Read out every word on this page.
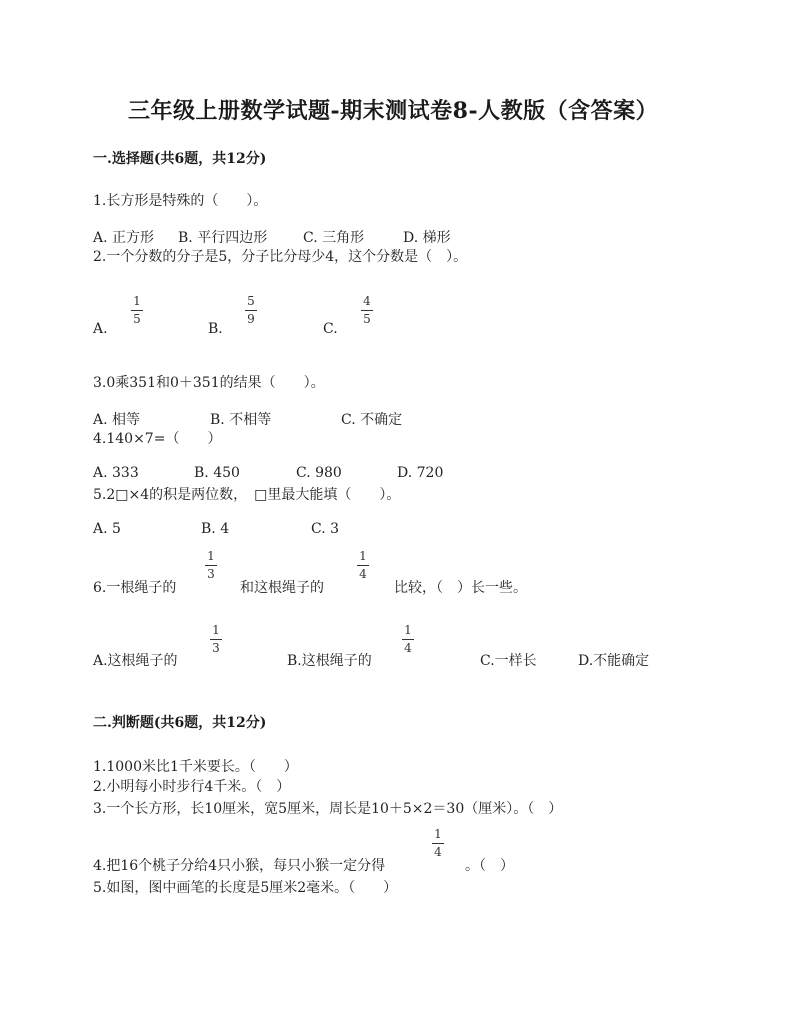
三年级上册数学试题-期末测试卷8-人教版（含答案）
一.选择题(共6题，共12分)
1.长方形是特殊的（　　）。
A. 正方形 B. 平行四边形	C. 三角形	D. 梯形
2.一个分数的分子是5，分子比分母少4，这个分数是（　）。
A.
1
5
B.
5
9
C.
4
5
3.0乘351和0＋351的结果（　　）。
A. 相等	B. 不相等	C. 不确定
4.140×7=（　　）
A. 333	B. 450	C. 980	D. 720
5.2□×4的积是两位数，　□里最大能填（　　）。
A. 5	B. 4	C. 3
6.一根绳子的
1
3
和这根绳子的
1
4
比较，（　）长一些。
A.这根绳子的
1
3
B.这根绳子的
1
4
C.一样长	D.不能确定
二.判断题(共6题，共12分)
1.1000米比1千米要长。（　　）
2.小明每小时步行4千米。（　）
3.一个长方形，长10厘米，宽5厘米，周长是10＋5×2＝30（厘米）。（　）
4.把16个桃子分给4只小猴，每只小猴一定分得
1
4
。（　）
5.如图，图中画笔的长度是5厘米2毫米。（　　）
